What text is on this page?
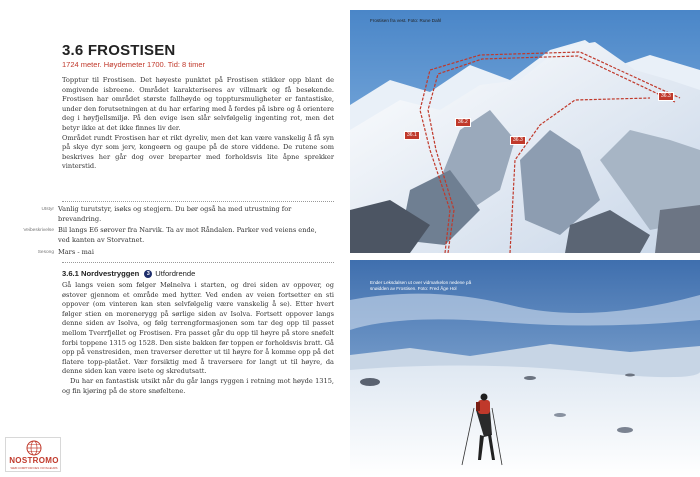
3.6 FROSTISEN
1724 meter. Høydemeter 1700. Tid: 8 timer

Topptur til Frostisen. Det høyeste punktet på Frostisen stikker opp blant de omgivende isbreene. Området karakteriseres av villmark og få besøkende. Frostisen har området største fallhøyde og topptursmuligheter er fantastiske, under den forutsetningen at du har erfaring med å ferdes på isbre og å orientere deg i høyfjellsmiljø. På den evige isen slår selvfølgelig ingenting rot, men det betyr ikke at det ikke finnes liv der.

Området rundt Frostisen har et rikt dyreliv, men det kan være vanskelig å få syn på skye dyr som jerv, kongeørn og gaupe på de store viddene. De rutene som beskrives her går dog over breparter med forholdsvis lite åpne sprekker vinterstid.

Utstyr Vanlig turutstyr, isøks og stegjern. Du bør også ha med utrustning for brevandring.
Veibeskrivelse Bil langs E6 sørover fra Narvik. Ta av mot Råndalen. Parker ved veiens ende, ved kanten av Storvatnet.
Sesong Mars - mai
3.6.1 Nordvestryggen	3 Utfordrende

Gå langs veien som følger Mølnelva i starten, og drei siden av oppover, og østover gjennom et område med hytter. Ved enden av veien fortsetter en sti oppover (om vinteren kan sten selvfølgelig være vanskelig å se). Etter hvert følger stien en morenerygg på sørlige siden av Isolva. Fortsett oppover langs denne siden av Isolva, og følg terrengformasjonen som tar deg opp til passet mellom Tverrfjellet og Frostisen. Fra passet går du opp til høyre på store snøfelt forbi toppene 1315 og 1528. Den siste bakken før toppen er forholdsvis bratt. Gå opp på venstresiden, men traverser deretter ut til høyre for å komme opp på det flatere topp-platået. Vær forsiktig med å traversere for langt ut til høyre, da denne siden kan være isete og skredutsatt.

Du har en fantastisk utsikt når du går langs ryggen i retning mot høyde 1315, og fin kjøring på de store snøfeltene.

NOSTROMO
WEB COMPTOIR DES VOYAGEURS
Frostisen fra vest. Foto: Rune Dahl
36.1
36.2
36.3
36.3
Ender Leksdalsen ut over vidmarkelon nedene på snøidden av Frostisen. Foto: Fred Åge Hol
